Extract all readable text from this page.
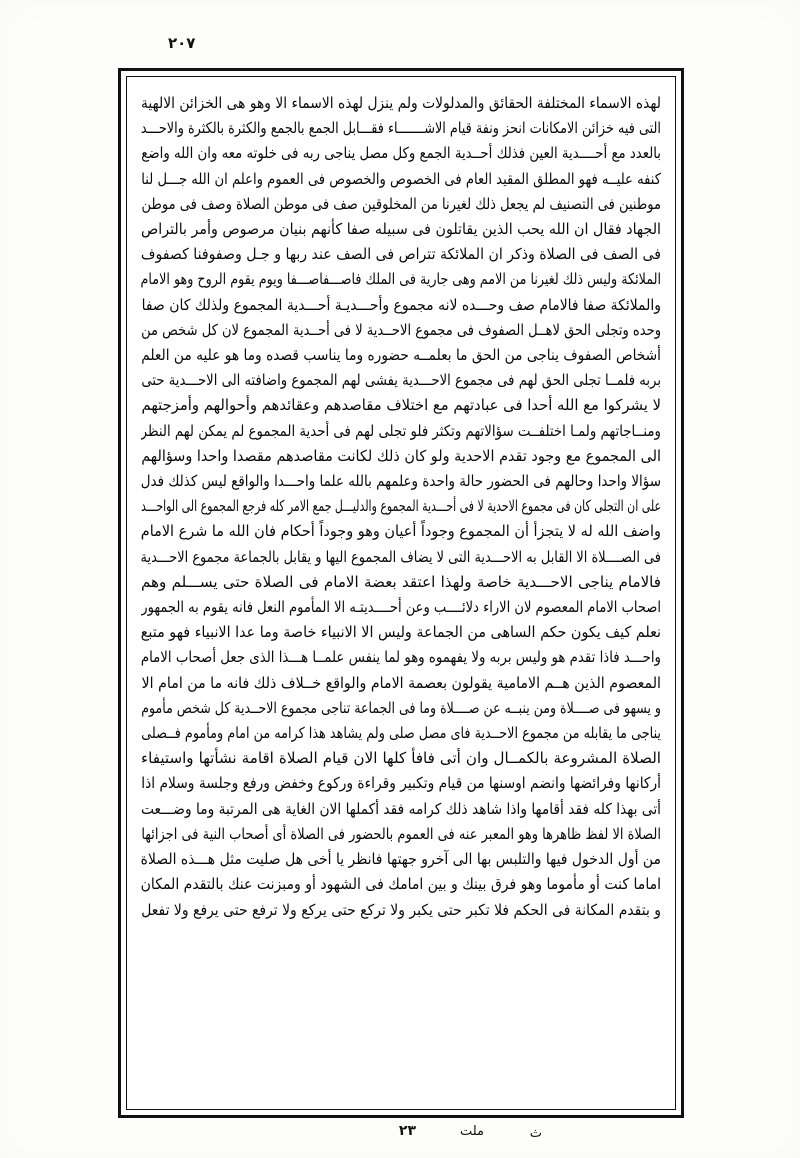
٢٠٧
لهذه الاسماء المختلفة الحقائق والمدلولات ولم ينزل لهذه الاسماء الا وهو هى الخزائن الالهية
التى فيه خزائن الامكانات انحز ونفة قيام الاشـــــــاء فقـــابل الجمع بالجمع والكثرة بالكثرة والاحـــد
بالعدد مع أحــــدية العين فذلك أحــدية الجمع وكل مصل يناجى ربه فى خلوته معه وان الله واضع
كنفه عليــه فهو المطلق المقيد العام فى الخصوص والخصوص فى العموم واعلم ان الله جـــل لنا
موطنين فى التصنيف لم يجعل ذلك لغيرنا من المخلوقين صف فى موطن الصلاة وصف فى موطن
الجهاد فقال ان الله يحب الذين يقاتلون فى سبيله صفا كأنهم بنيان مرصوص وأمر بالتراص
فى الصف فى الصلاة وذكر ان الملائكة تتراص فى الصف عند ربها و جـل وصفوفنا كصفوف
الملائكة وليس ذلك لغيرنا من الامم وهى جارية فى الملك فاصـــفاصـــفا ويوم يقوم الروح وهو الامام
والملائكة صفا فالامام صف وحـــده لانه مجموع وأحـــديـة أحـــدية المجموع ولذلك كان صفا
وحده وتجلى الحق لاهــل الصفوف فى مجموع الاحــدية لا فى أحــدية المجموع لان كل شخص من
أشخاص الصفوف يناجى من الحق ما بعلمــه حضوره وما يناسب قصده وما هو عليه من العلم
بربه فلمــا تجلى الحق لهم فى مجموع الاحـــدية يفشى لهم المجموع واضافته الى الاحـــدية حتى
لا يشركوا مع الله أحدا فى عبادتهم مع اختلاف مقاصدهم وعقائدهم وأحوالهم وأمزجتهم
ومنــاجاتهم ولمـا اختلفــت سؤالاتهم وتكثر فلو تجلى لهم فى أحدية المجموع لم يمكن لهم النظر
الى المجموع مع وجود تقدم الاحدية ولو كان ذلك لكانت مقاصدهم مقصدا واحدا وسؤالهم
سؤالا واحدا وحالهم فى الحضور حالة واحدة وعلمهم بالله علما واحـــدا والواقع ليس كذلك فدل
على ان التجلى كان فى مجموع الاحدية لا فى أحـــدية المجموع والدليـــل جمع الامر كله فرجع المجموع الى الواحـــد
واضف الله له لا يتجزأ أن المجموع وجوداً أعيان وهو وجوداً أحكام فان الله ما شرع الامام
فى الصــــلاة الا القابل به الاحـــدية التى لا يضاف المجموع اليها و يقابل بالجماعة مجموع الاحـــدية
فالامام يناجى الاحـــدية خاصة ولهذا اعتقد بعضة الامام فى الصلاة حتى يســـلم وهم
اصحاب الامام المعصوم لان الاراء دلائــــب وعن أحــــديتـه الا المأموم النعل فانه يقوم به الجمهور
نعلم كيف يكون حكم الساهى من الجماعة وليس الا الانبياء خاصة وما عدا الانبياء فهو متبع
واحـــد فاذا تقدم هو وليس بربه ولا يفهموه وهو لما ينفس علمــا هـــذا الذى جعل أصحاب الامام
المعصوم الذين هــم الامامية يقولون بعصمة الامام والواقع خــلاف ذلك فانه ما من امام الا
و يسهو فى صــــلاة ومن ينبــه عن صــــلاة وما فى الجماعة تناجى مجموع الاحــدية كل شخص مأموم
يناجى ما يقابله من مجموع الاحــدية فاى مصل صلى ولم يشاهد هذا كرامه من امام ومأموم فــصلى
الصلاة المشروعة بالكمــال وان أتى فافأ كلها الان قيام الصلاة اقامة نشأتها واستيفاء
أركانها وفرائضها وانضم اوسنها من قيام وتكبير وقراءة وركوع وخفض ورفع وجلسة وسلام اذا
أتى بهذا كله فقد أقامها واذا شاهد ذلك كرامه فقد أكملها الان الغاية هى المرتبة وما وضـــعت
الصلاة الا لفظ ظاهرها وهو المعبر عنه فى العموم بالحضور فى الصلاة أى أصحاب النية فى اجزائها
من أول الدخول فيها والتلبس بها الى آخرو جهتها فانظر يا أخى هل صليت مثل هـــذه الصلاة
اماما كنت أو مأموما وهو فرق بينك و بين امامك فى الشهود أو ومبزنت عنك بالتقدم المكان
و بتقدم المكانة فى الحكم فلا تكبر حتى يكبر ولا تركع حتى يركع ولا ترفع حتى يرفع ولا تفعل
ث
ملت
٢٣
